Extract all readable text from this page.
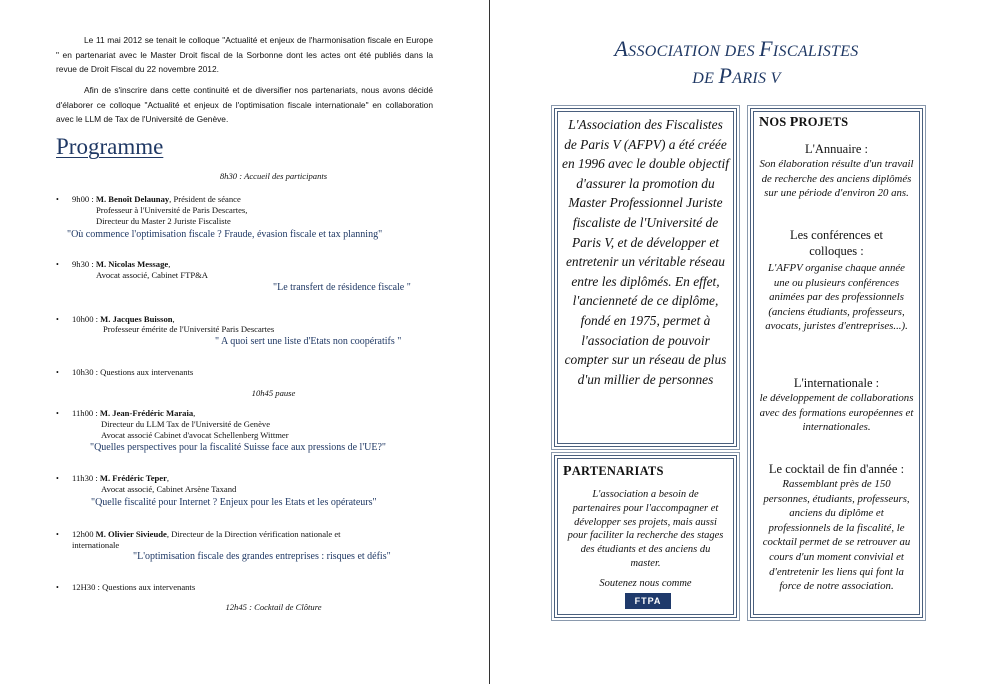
Le 11 mai 2012 se tenait le colloque "Actualité et enjeux de l'harmonisation fiscale en Europe " en partenariat avec le Master Droit fiscal de la Sorbonne dont les actes ont été publiés dans la revue de Droit Fiscal du 22 novembre 2012.
Afin de s'inscrire dans cette continuité et de diversifier nos partenariats, nous avons décidé d'élaborer ce colloque "Actualité et enjeux de l'optimisation fiscale internationale" en collaboration avec le LLM de Tax de l'Université de Genève.
Programme
8h30 : Accueil des participants
• 9h00 : M. Benoît Delaunay, Président de séance
Professeur à l'Université de Paris Descartes,
Directeur du Master 2 Juriste Fiscaliste
"Où commence l'optimisation fiscale ? Fraude, évasion fiscale et tax planning"
• 9h30 : M. Nicolas Message,
Avocat associé, Cabinet FTP&A
"Le transfert de résidence fiscale "
• 10h00 : M. Jacques Buisson,
Professeur émérite de l'Université Paris Descartes
" A quoi sert une liste d'Etats non coopératifs "
• 10h30 : Questions aux intervenants
10h45 pause
• 11h00 : M. Jean-Frédéric Maraia,
Directeur du LLM Tax de l'Université de Genève
Avocat associé Cabinet d'avocat Schellenberg Wittmer
"Quelles perspectives pour la fiscalité Suisse face aux pressions de l'UE?"
• 11h30 : M. Frédéric Teper,
Avocat associé, Cabinet Arsène Taxand
"Quelle fiscalité pour Internet ? Enjeux pour les Etats et les opérateurs"
• 12h00 M. Olivier Sivieude, Directeur de la Direction vérification nationale et
internationale
"L'optimisation fiscale des grandes entreprises : risques et défis"
• 12H30 : Questions aux intervenants
12h45 : Cocktail de Clôture
ASSOCIATION DES FISCALISTES
DE PARIS V
L'Association des Fiscalistes de Paris V (AFPV) a été créée en 1996 avec le double objectif d'assurer la promotion du Master Professionnel Juriste fiscaliste de l'Université de Paris V, et de développer et entretenir un véritable réseau entre les diplômés. En effet, l'ancienneté de ce diplôme, fondé en 1975, permet à l'association de pouvoir compter sur un réseau de plus d'un millier de personnes
PARTENARIATS
L'association a besoin de partenaires pour l'accompagner et développer ses projets, mais aussi pour faciliter la recherche des stages des étudiants et des anciens du master.
Soutenez nous comme
FTPA
NOS PROJETS
L'Annuaire :
Son élaboration résulte d'un travail de recherche des anciens diplômés sur une période d'environ 20 ans.
Les conférences et colloques :
L'AFPV organise chaque année une ou plusieurs conférences animées par des professionnels (anciens étudiants, professeurs, avocats, juristes d'entreprises...).
L'internationale :
le développement de collaborations avec des formations européennes et internationales.
Le cocktail de fin d'année :
Rassemblant près de 150 personnes, étudiants, professeurs, anciens du diplôme et professionnels de la fiscalité, le cocktail permet de se retrouver au cours d'un moment convivial et d'entretenir les liens qui font la force de notre association.
